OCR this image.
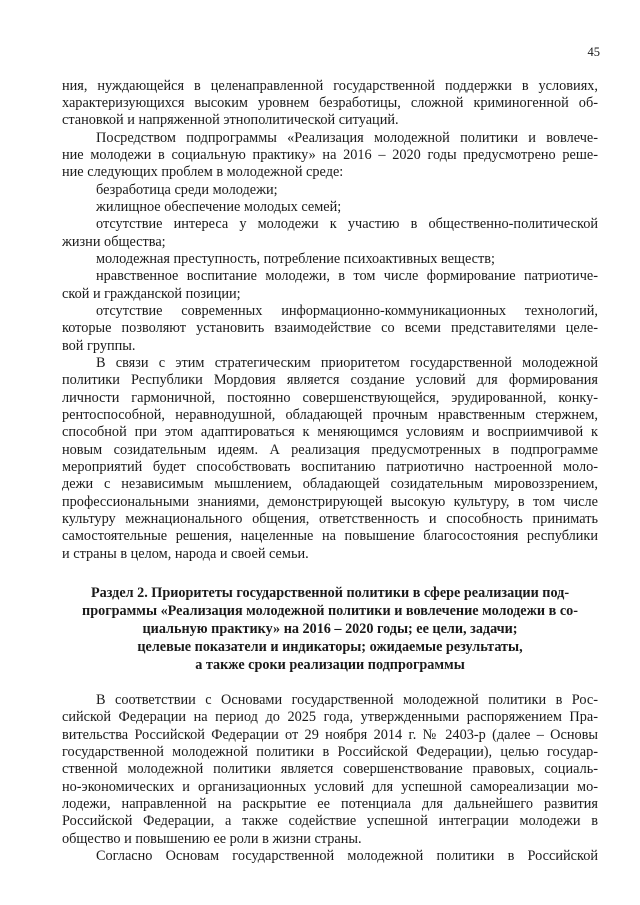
45
ния, нуждающейся в целенаправленной государственной поддержки в условиях,
характеризующихся высоким уровнем безработицы, сложной криминогенной об-
становкой и напряженной этнополитической ситуаций.
Посредством подпрограммы «Реализация молодежной политики и вовлече-
ние молодежи в социальную практику» на 2016 – 2020 годы предусмотрено реше-
ние следующих проблем в молодежной среде:
безработица среди молодежи;
жилищное обеспечение молодых семей;
отсутствие интереса у молодежи к участию в общественно-политической
жизни общества;
молодежная преступность, потребление психоактивных веществ;
нравственное воспитание молодежи, в том числе формирование патриотиче-
ской и гражданской позиции;
отсутствие современных информационно-коммуникационных технологий,
которые позволяют установить взаимодействие со всеми представителями целе-
вой группы.
В связи с этим стратегическим приоритетом государственной молодежной
политики Республики Мордовия является создание условий для формирования
личности гармоничной, постоянно совершенствующейся, эрудированной, конку-
рентоспособной, неравнодушной, обладающей прочным нравственным стержнем,
способной при этом адаптироваться к меняющимся условиям и восприимчивой к
новым созидательным идеям. А реализация предусмотренных в подпрограмме
мероприятий будет способствовать воспитанию патриотично настроенной моло-
дежи с независимым мышлением, обладающей созидательным мировоззрением,
профессиональными знаниями, демонстрирующей высокую культуру, в том числе
культуру межнационального общения, ответственность и способность принимать
самостоятельные решения, нацеленные на повышение благосостояния республики
и страны в целом, народа и своей семьи.
Раздел 2. Приоритеты государственной политики в сфере реализации под-
программы «Реализация молодежной политики и вовлечение молодежи в со-
циальную практику» на 2016 – 2020 годы; ее цели, задачи;
целевые показатели и индикаторы; ожидаемые результаты,
а также сроки реализации подпрограммы
В соответствии с Основами государственной молодежной политики в Рос-
сийской Федерации на период до 2025 года, утвержденными распоряжением Пра-
вительства Российской Федерации от 29 ноября 2014 г. № 2403-р (далее – Основы
государственной молодежной политики в Российской Федерации), целью государ-
ственной молодежной политики является совершенствование правовых, социаль-
но-экономических и организационных условий для успешной самореализации мо-
лодежи, направленной на раскрытие ее потенциала для дальнейшего развития
Российской Федерации, а также содействие успешной интеграции молодежи в
общество и повышению ее роли в жизни страны.
Согласно Основам государственной молодежной политики в Российской
